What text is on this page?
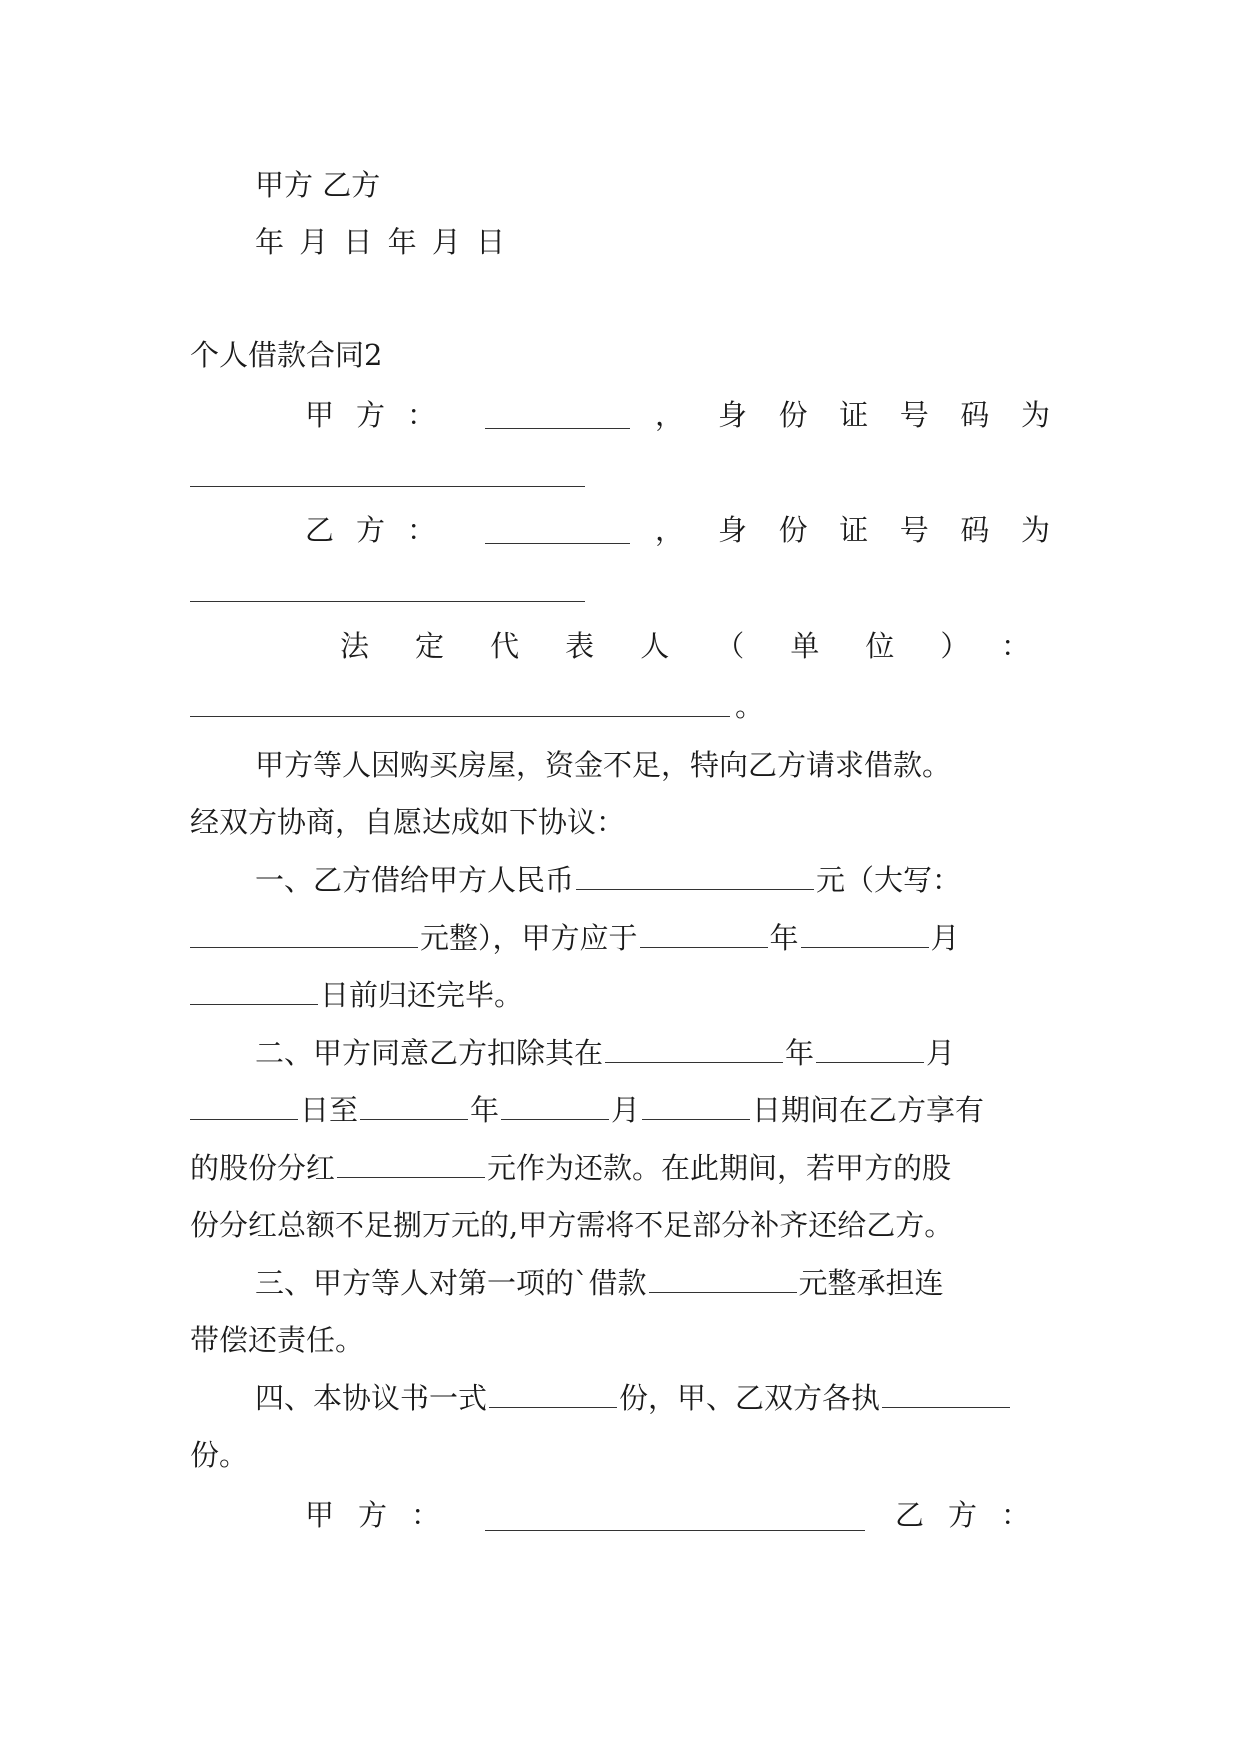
甲方 乙方
年 月 日 年 月 日
个人借款合同2
甲方：	，	身份证号码为
乙方：	，	身份证号码为
法定代表人（单位）：
。
甲方等人因购买房屋，资金不足，特向乙方请求借款。
经双方协商，自愿达成如下协议：
一、乙方借给甲方人民币	元（大写：
元整），甲方应于	年	月
日前归还完毕。
二、甲方同意乙方扣除其在	年	月
日至	年	月	日期间在乙方享有
的股份分红	元作为还款。在此期间，若甲方的股
份分红总额不足捌万元的,甲方需将不足部分补齐还给乙方。
三、甲方等人对第一项的`借款	元整承担连
带偿还责任。
四、本协议书一式	份，甲、乙双方各执
份。
甲方：	乙方：
